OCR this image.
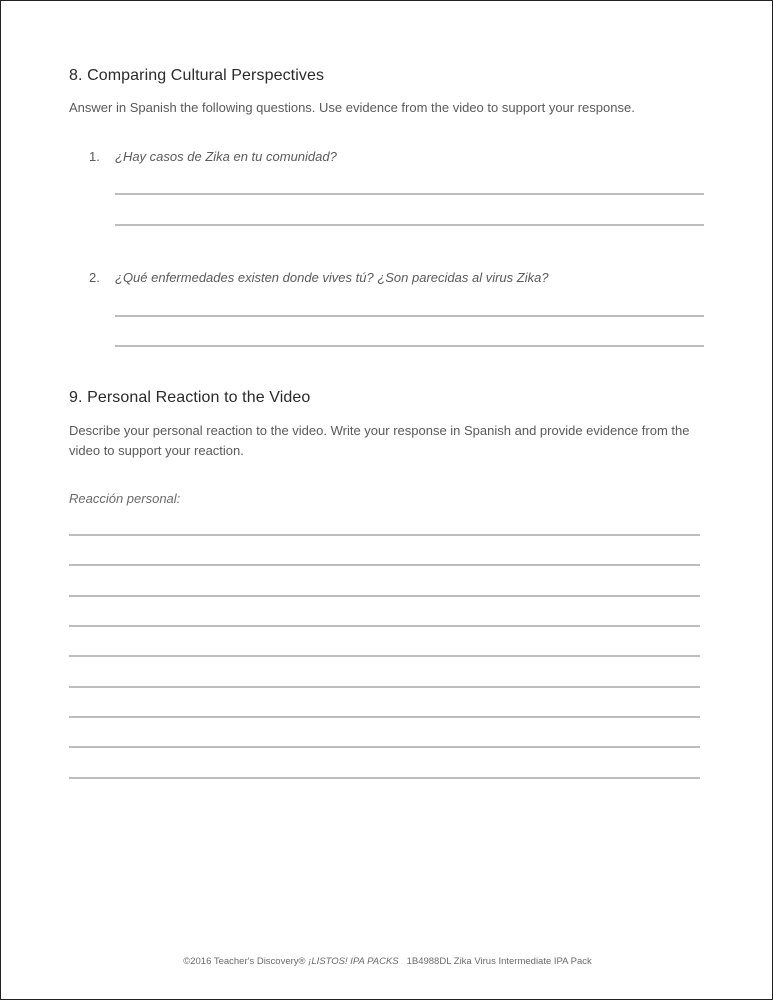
8. Comparing Cultural Perspectives
Answer in Spanish the following questions. Use evidence from the video to support your response.
1. ¿Hay casos de Zika en tu comunidad?
2. ¿Qué enfermedades existen donde vives tú? ¿Son parecidas al virus Zika?
9. Personal Reaction to the Video
Describe your personal reaction to the video. Write your response in Spanish and provide evidence from the video to support your reaction.
Reacción personal:
©2016 Teacher's Discovery® ¡LISTOS! IPA PACKS 1B4988DL Zika Virus Intermediate IPA Pack
